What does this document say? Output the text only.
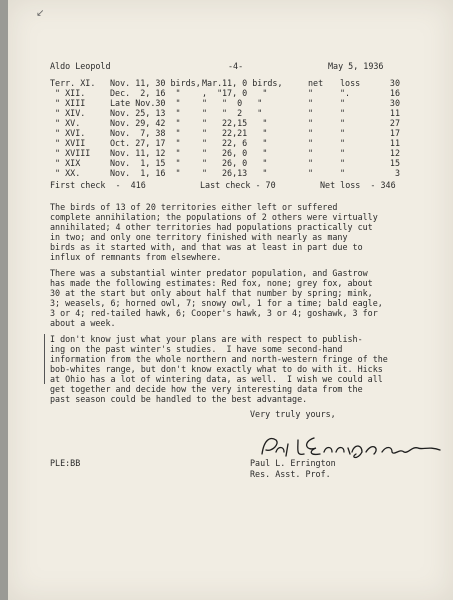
↙
Aldo Leopold	-4-	May 5, 1936
Terr. XI. Nov. 11, 30 birds, Mar. 11, 0 birds,	net loss	30
" XII.	Dec.  2, 16  "	,  " 17, 0   "	"	".	16
" XIII	Late Nov.30  "	" "  0   "	"	"	30
" XIV.	Nov. 25, 13  "	" "  2   "	"	"	11
" XV.	Nov. 29, 42  "	" 22,15   "	"	"	27
" XVI.	Nov.  7, 38  "	" 22,21   "	"	"	17
" XVII	Oct. 27, 17  "	" 22, 6   "	"	"	11
" XVIII Nov. 11, 12  "	" 26, 0   "	"	"	12
" XIX	Nov.  1, 15  "	" 26, 0   "	"	"	15
" XX.	Nov.  1, 16  "	" 26,13   "	"	"	3
First check  -  416	Last check - 70	Net loss  - 346
The birds of 13 of 20 territories either left or suffered
complete annihilation; the populations of 2 others were virtually
annihilated; 4 other territories had populations practically cut
in two; and only one territory finished with nearly as many
birds as it started with, and that was at least in part due to
influx of remnants from elsewhere.
There was a substantial winter predator population, and Gastrow
has made the following estimates: Red fox, none; grey fox, about
30 at the start but only about half that number by spring; mink,
3; weasels, 6; horned owl, 7; snowy owl, 1 for a time; bald eagle,
3 or 4; red-tailed hawk, 6; Cooper's hawk, 3 or 4; goshawk, 3 for
about a week.
I don't know just what your plans are with respect to publish-
ing on the past winter's studies.  I have some second-hand
information from the whole northern and north-western fringe of the
bob-whites range, but don't know exactly what to do with it. Hicks
at Ohio has a lot of wintering data, as well.  I wish we could all
get together and decide how the very interesting data from the
past season could be handled to the best advantage.
Very truly yours,
PLE:BB	Paul L. Errington
Res. Asst. Prof.
